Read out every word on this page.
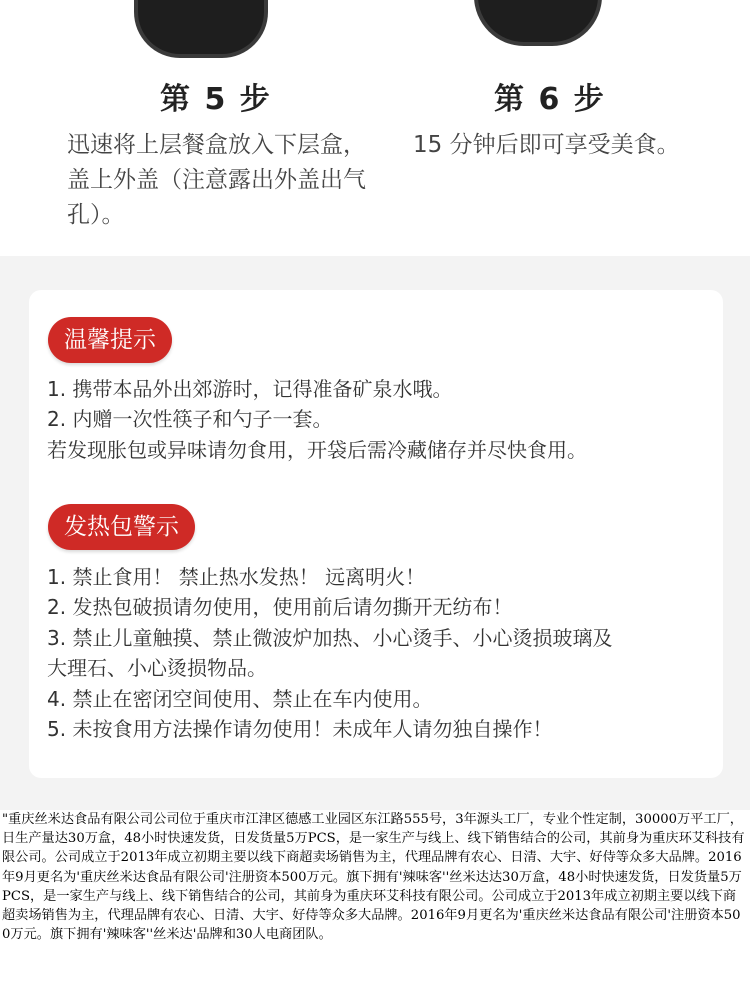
第 5 步
迅速将上层餐盒放入下层盒，盖上外盖（注意露出外盖出气孔）。
第 6 步
15 分钟后即可享受美食。
温馨提示
1. 携带本品外出郊游时，记得准备矿泉水哦。
2. 内赠一次性筷子和勺子一套。
若发现胀包或异味请勿食用，开袋后需冷藏储存并尽快食用。
发热包警示
1. 禁止食用！ 禁止热水发热！ 远离明火！
2. 发热包破损请勿使用，使用前后请勿撕开无纺布！
3. 禁止儿童触摸、禁止微波炉加热、小心烫手、小心烫损玻璃及
大理石、小心烫损物品。
4. 禁止在密闭空间使用、禁止在车内使用。
5. 未按食用方法操作请勿使用！未成年人请勿独自操作！

"重庆丝米达食品有限公司公司位于重庆市江津区德感工业园区东江路555号，3年源头工厂，专业个性定制，30000万平工厂，日生产量达30万盒，48小时快速发货，日发货量5万PCS，是一家生产与线上、线下销售结合的公司，其前身为重庆环艾科技有限公司。公司成立于2013年成立初期主要以线下商超卖场销售为主，代理品牌有农心、日清、大宇、好侍等众多大品牌。2016年9月更名为'重庆丝米达食品有限公司'注册资本500万元。旗下拥有'辣味客''丝米达达30万盒，48小时快速发货，日发货量5万PCS，是一家生产与线上、线下销售结合的公司，其前身为重庆环艾科技有限公司。公司成立于2013年成立初期主要以线下商超卖场销售为主，代理品牌有农心、日清、大宇、好侍等众多大品牌。2016年9月更名为'重庆丝米达食品有限公司'注册资本500万元。旗下拥有'辣味客''丝米达'品牌和30人电商团队。
